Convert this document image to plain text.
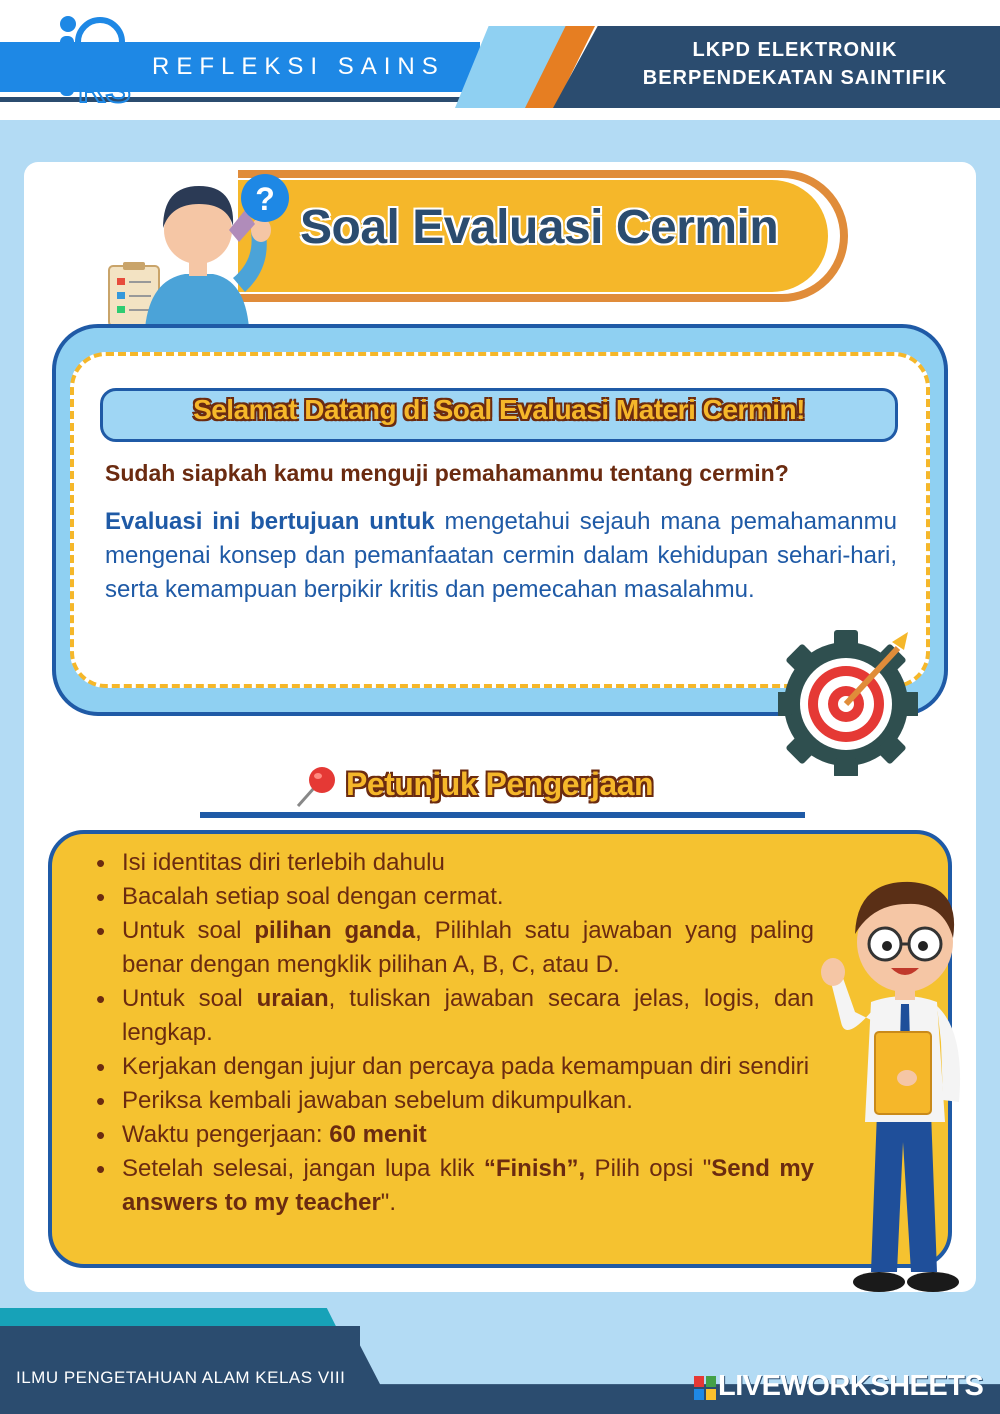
RS
REFLEKSI SAINS
LKPD ELEKTRONIK
BERPENDEKATAN SAINTIFIK
Soal Evaluasi Cermin
?
Selamat Datang di Soal Evaluasi Materi Cermin!
Sudah siapkah kamu menguji pemahamanmu tentang cermin?
Evaluasi ini bertujuan untuk mengetahui sejauh mana pemahamanmu mengenai konsep dan pemanfaatan cermin dalam kehidupan sehari-hari, serta kemampuan berpikir kritis dan pemecahan masalahmu.
Petunjuk Pengerjaan
• Isi identitas diri terlebih dahulu
• Bacalah setiap soal dengan cermat.
• Untuk soal pilihan ganda, Pilihlah satu jawaban yang paling benar dengan mengklik pilihan A, B, C, atau D.
• Untuk soal uraian, tuliskan jawaban secara jelas, logis, dan lengkap.
• Kerjakan dengan jujur dan percaya pada kemampuan diri sendiri
• Periksa kembali jawaban sebelum dikumpulkan.
• Waktu pengerjaan: 60 menit
• Setelah selesai, jangan lupa klik “Finish”, Pilih opsi "Send my answers to my teacher".
ILMU PENGETAHUAN ALAM KELAS VIII	LIVEWORKSHEETS
